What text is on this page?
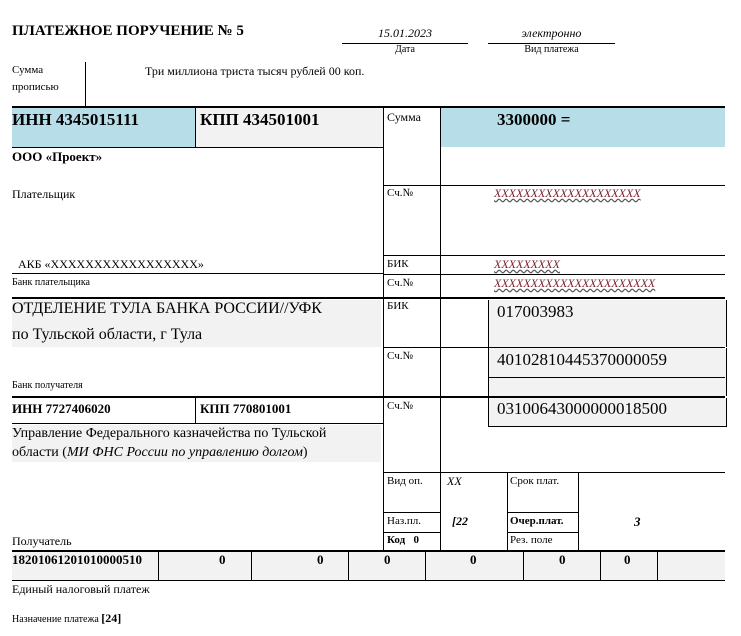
ПЛАТЕЖНОЕ ПОРУЧЕНИЕ № 5	15.01.2023
Дата
электронно
Вид платежа
Сумма
прописью
Три миллиона триста тысяч рублей 00 коп.
ИНН 4345015111	КПП 434501001	Сумма	3300000 =
ООО «Проект»
Плательщик	Сч.№	XXXXXXXXXXXXXXXXXXXX
АКБ «XXXXXXXXXXXXXXXXX»
Банк плательщика
БИК	XXXXXXXXX
Сч.№	XXXXXXXXXXXXXXXXXXXXXX
ОТДЕЛЕНИЕ ТУЛА БАНКА РОССИИ//УФК
по Тульской области, г Тула
БИК	017003983
Сч.№	40102810445370000059
Банк получателя
ИНН 7727406020	КПП 770801001	Сч.№	03100643000000018500
Управление Федерального казначейства по Тульской
области (МИ ФНС России по управлению долгом)
Вид оп. XX	Срок плат.
Наз.пл.	[22	Очер.плат.	3
Код 0	Рез. поле
Получатель
18201061201010000510	0	0	0	0	0	0
Единый налоговый платеж
Назначение платежа [24]
